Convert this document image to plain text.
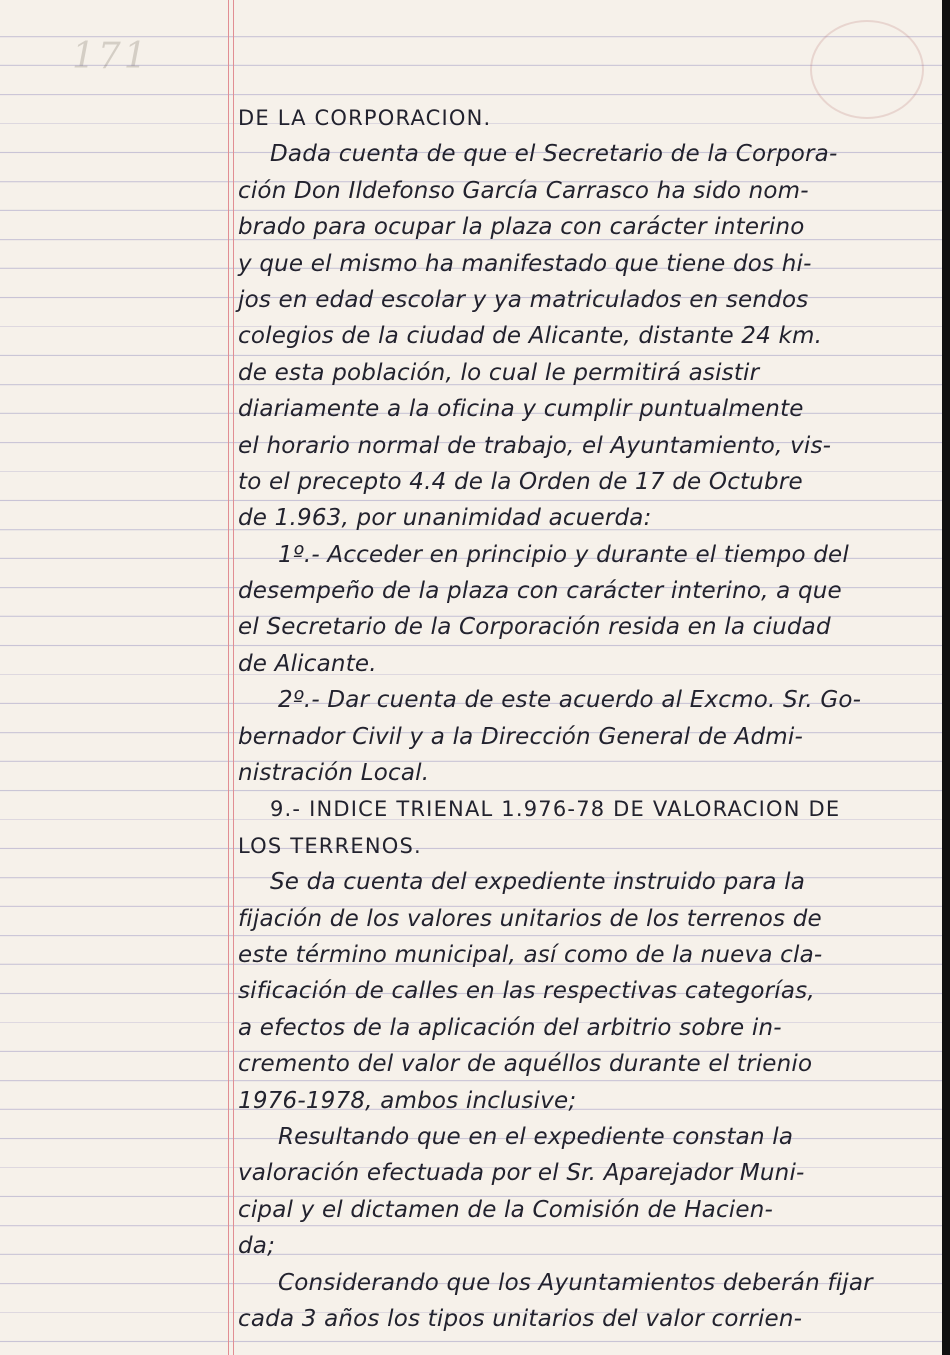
171
DE LA CORPORACION.
Dada cuenta de que el Secretario de la Corpora-
ción Don Ildefonso García Carrasco ha sido nom-
brado para ocupar la plaza con carácter interino
y que el mismo ha manifestado que tiene dos hi-
jos en edad escolar y ya matriculados en sendos
colegios de la ciudad de Alicante, distante 24 km.
de esta población, lo cual le permitirá asistir
diariamente a la oficina y cumplir puntualmente
el horario normal de trabajo, el Ayuntamiento, vis-
to el precepto 4.4 de la Orden de 17 de Octubre
de 1.963, por unanimidad acuerda:
1º.- Acceder en principio y durante el tiempo del
desempeño de la plaza con carácter interino, a que
el Secretario de la Corporación resida en la ciudad
de Alicante.
2º.- Dar cuenta de este acuerdo al Excmo. Sr. Go-
bernador Civil y a la Dirección General de Admi-
nistración Local.
9.- INDICE TRIENAL 1.976-78 DE VALORACION DE
LOS TERRENOS.
Se da cuenta del expediente instruido para la
fijación de los valores unitarios de los terrenos de
este término municipal, así como de la nueva cla-
sificación de calles en las respectivas categorías,
a efectos de la aplicación del arbitrio sobre in-
cremento del valor de aquéllos durante el trienio
1976-1978, ambos inclusive;
Resultando que en el expediente constan la
valoración efectuada por el Sr. Aparejador Muni-
cipal y el dictamen de la Comisión de Hacien-
da;
Considerando que los Ayuntamientos deberán fijar
cada 3 años los tipos unitarios del valor corrien-
